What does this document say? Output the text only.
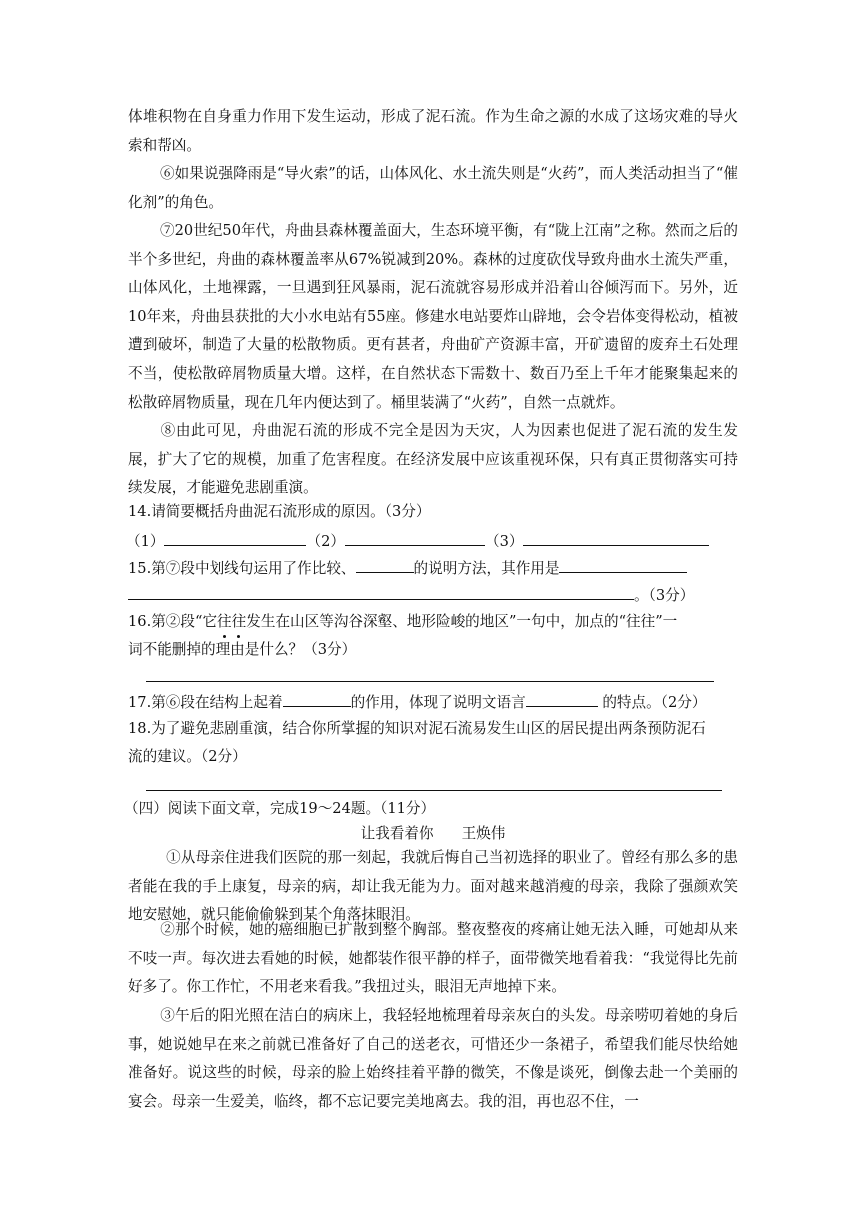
体堆积物在自身重力作用下发生运动，形成了泥石流。作为生命之源的水成了这场灾难的导火索和帮凶。

⑥如果说强降雨是“导火索”的话，山体风化、水土流失则是“火药”，而人类活动担当了“催化剂”的角色。

⑦20世纪50年代，舟曲县森林覆盖面大，生态环境平衡，有“陇上江南”之称。然而之后的半个多世纪，舟曲的森林覆盖率从67%锐减到20%。森林的过度砍伐导致舟曲水土流失严重，山体风化，土地裸露，一旦遇到狂风暴雨，泥石流就容易形成并沿着山谷倾泻而下。另外，近10年来，舟曲县获批的大小水电站有55座。修建水电站要炸山辟地，会令岩体变得松动，植被遭到破坏，制造了大量的松散物质。更有甚者，舟曲矿产资源丰富，开矿遗留的废弃土石处理不当，使松散碎屑物质量大增。这样，在自然状态下需数十、数百乃至上千年才能聚集起来的松散碎屑物质量，现在几年内便达到了。桶里装满了“火药”，自然一点就炸。

⑧由此可见，舟曲泥石流的形成不完全是因为天灾，人为因素也促进了泥石流的发生发展，扩大了它的规模，加重了危害程度。在经济发展中应该重视环保，只有真正贯彻落实可持续发展，才能避免悲剧重演。

14.请简要概括舟曲泥石流形成的原因。（3分）
（1）	（2）	（3）
15.第⑦段中划线句运用了作比较、	的说明方法，其作用是
。（3分）
16.第②段“它往往发生在山区等沟谷深壑、地形险峻的地区”一句中，加点的“往往”一
词不能删掉的理由是什么？（3分）
17.第⑥段在结构上起着	的作用，体现了说明文语言	的特点。（2分）
18.为了避免悲剧重演，结合你所掌握的知识对泥石流易发生山区的居民提出两条预防泥石
流的建议。（2分）
（四）阅读下面文章，完成19～24题。（11分）
让我看着你 王焕伟

①从母亲住进我们医院的那一刻起，我就后悔自己当初选择的职业了。曾经有那么多的患者能在我的手上康复，母亲的病，却让我无能为力。面对越来越消瘦的母亲，我除了强颜欢笑地安慰她，就只能偷偷躲到某个角落抹眼泪。

②那个时候，她的癌细胞已扩散到整个胸部。整夜整夜的疼痛让她无法入睡，可她却从来不吱一声。每次进去看她的时候，她都装作很平静的样子，面带微笑地看着我：“我觉得比先前好多了。你工作忙，不用老来看我。”我扭过头，眼泪无声地掉下来。

③午后的阳光照在洁白的病床上，我轻轻地梳理着母亲灰白的头发。母亲唠叨着她的身后事，她说她早在来之前就已准备好了自己的送老衣，可惜还少一条裙子，希望我们能尽快给她准备好。说这些的时候，母亲的脸上始终挂着平静的微笑，不像是谈死，倒像去赴一个美丽的宴会。母亲一生爱美，临终，都不忘记要完美地离去。我的泪，再也忍不住，一
